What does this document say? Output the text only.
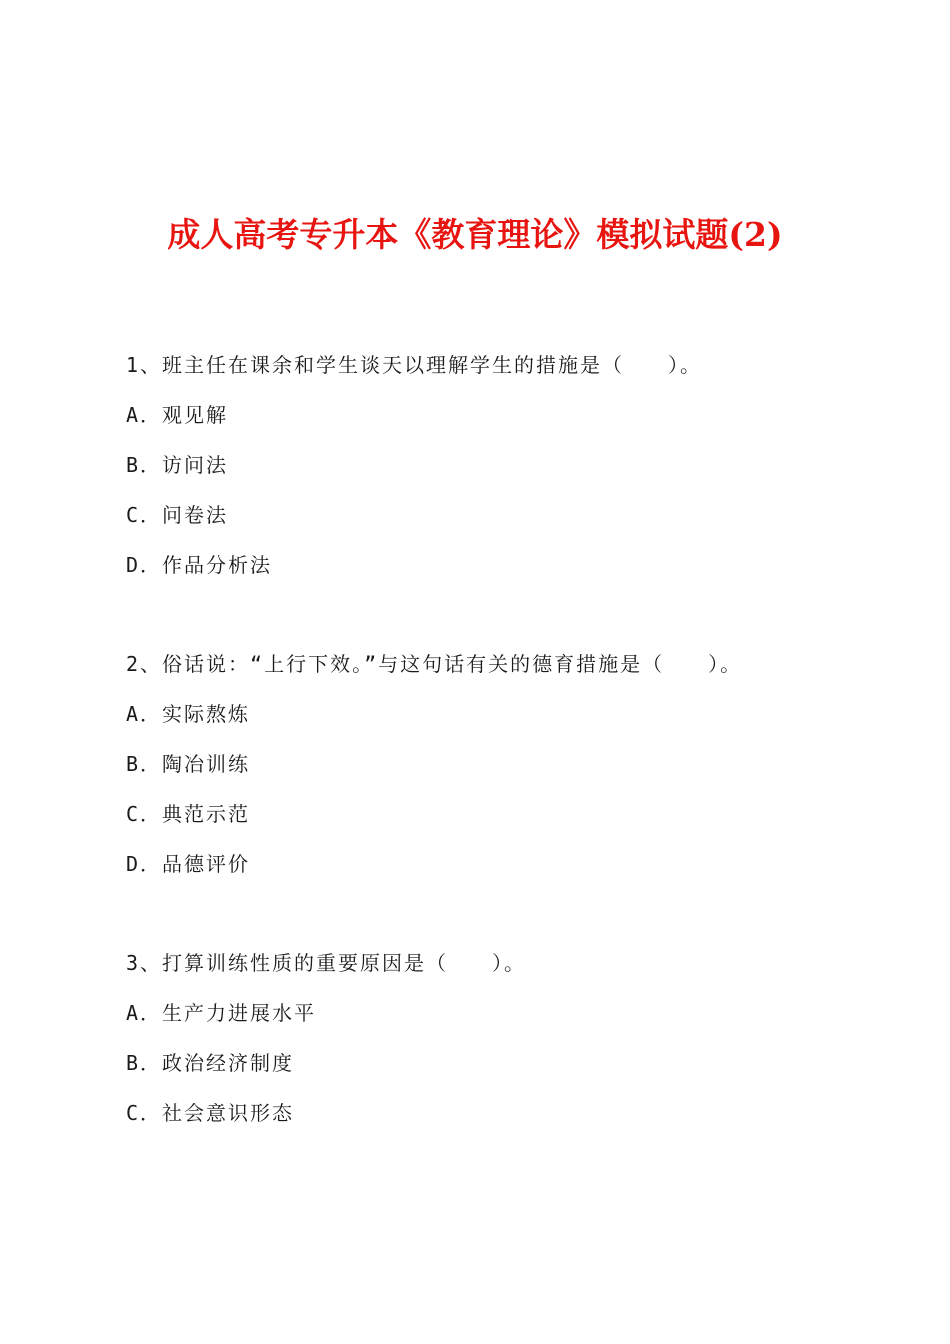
成人高考专升本《教育理论》模拟试题(2)
1、班主任在课余和学生谈天以理解学生的措施是（　　）。
A．观见解
B．访问法
C．问卷法
D．作品分析法
2、俗话说：“上行下效。”与这句话有关的德育措施是（　　）。
A．实际熬炼
B．陶冶训练
C．典范示范
D．品德评价
3、打算训练性质的重要原因是（　　）。
A．生产力进展水平
B．政治经济制度
C．社会意识形态
